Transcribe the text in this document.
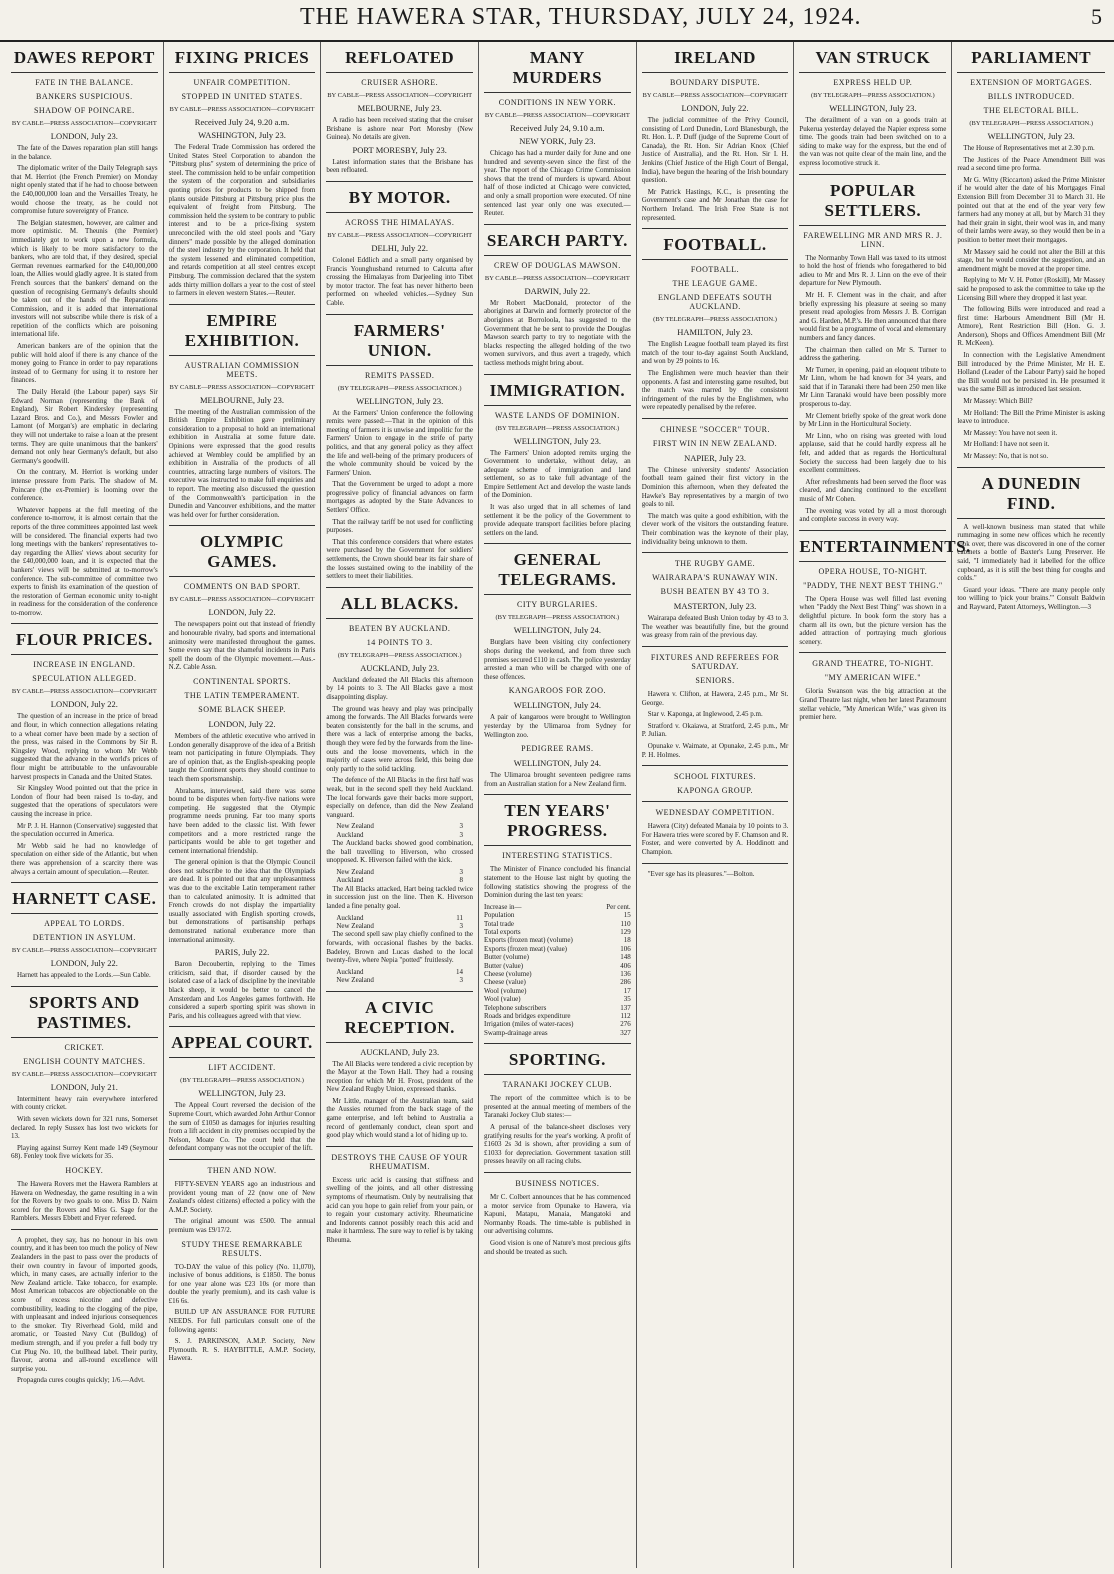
THE HAWERA STAR, THURSDAY, JULY 24, 1924.	5
DAWES REPORT
FATE IN THE BALANCE.
BANKERS SUSPICIOUS.
SHADOW OF POINCARE.
BY CABLE—PRESS ASSOCIATION—COPYRIGHT
LONDON, July 23.

The fate of the Dawes reparation plan still hangs in the balance.

The diplomatic writer of the Daily Telegraph says that M. Herriot (the French Premier) on Monday night openly stated that if he had to choose between the £40,000,000 loan and the Versailles Treaty, he would choose the treaty, as he could not compromise future sovereignty of France.

The Belgian statesmen, however, are calmer and more optimistic. M. Theunis (the Premier) immediately got to work upon a new formula, which is likely to be more satisfactory to the bankers, who are told that, if they desired, special German revenues earmarked for the £40,000,000 loan, the Allies would gladly agree. It is stated from French sources that the bankers' demand on the question of recognising Germany's defaults should be taken out of the hands of the Reparations Commission, and it is added that international investors will not subscribe while there is risk of a repetition of the conflicts which are poisoning international life.

American bankers are of the opinion that the public will hold aloof if there is any chance of the money going to France in order to pay reparations instead of to Germany for using it to restore her finances.

The Daily Herald (the Labour paper) says Sir Edward Norman (representing the Bank of England), Sir Robert Kindersley (representing Lazard Bros. and Co.), and Messrs Fowler and Lamont (of Morgan's) are emphatic in declaring they will not undertake to raise a loan at the present terms. They are quite unanimous that the bankers' demand not only hear Germany's default, but also Germany's goodwill.

On the contrary, M. Herriot is working under intense pressure from Paris. The shadow of M. Poincare (the ex-Premier) is looming over the conference.

Whatever happens at the full meeting of the conference to-morrow, it is almost certain that the reports of the three committees appointed last week will be considered. The financial experts had two long meetings with the bankers' representatives to-day regarding the Allies' views about security for the £40,000,000 loan, and it is expected that the bankers' views will be submitted at to-morrow's conference. The sub-committee of committee two experts to finish its examination of the question of the restoration of German economic unity to-night in readiness for the consideration of the conference to-morrow.

FLOUR PRICES.
INCREASE IN ENGLAND.
SPECULATION ALLEGED.
BY CABLE—PRESS ASSOCIATION—COPYRIGHT
LONDON, July 22.

The question of an increase in the price of bread and flour, in which connection allegations relating to a wheat corner have been made by a section of the press, was raised in the Commons by Sir R. Kingsley Wood, replying to whom Mr Webb suggested that the advance in the world's prices of flour might be attributable to the unfavourable harvest prospects in Canada and the United States.

Sir Kingsley Wood pointed out that the price in London of flour had been raised 1s to-day, and suggested that the operations of speculators were causing the increase in price.

Mr P. J. H. Hannon (Conservative) suggested that the speculation occurred in America.

Mr Webb said he had no knowledge of speculation on either side of the Atlantic, but when there was apprehension of a scarcity there was always a certain amount of speculation.—Reuter.

HARNETT CASE.
APPEAL TO LORDS.
DETENTION IN ASYLUM.
BY CABLE—PRESS ASSOCIATION—COPYRIGHT
LONDON, July 22.

Harnett has appealed to the Lords.—Sun Cable.

SPORTS AND PASTIMES.
CRICKET.
ENGLISH COUNTY MATCHES.
BY CABLE—PRESS ASSOCIATION—COPYRIGHT
LONDON, July 21.

Intermittent heavy rain everywhere interfered with county cricket.

With seven wickets down for 321 runs, Somerset declared. In reply Sussex has lost two wickets for 13.

Playing against Surrey Kent made 149 (Seymour 68). Fenley took five wickets for 35.

HOCKEY.

The Hawera Rovers met the Hawera Ramblers at Hawera on Wednesday, the game resulting in a win for the Rovers by two goals to one. Miss D. Nairn scored for the Rovers and Miss G. Sage for the Ramblers. Messrs Ebbett and Fryer refereed.

A prophet, they say, has no honour in his own country, and it has been too much the policy of New Zealanders in the past to pass over the products of their own country in favour of imported goods, which, in many cases, are actually inferior to the New Zealand article. Take tobacco, for example. Most American tobaccos are objectionable on the score of excess nicotine and defective combustibility, leading to the clogging of the pipe, with unpleasant and indeed injurious consequences to the smoker. Try Riverhead Gold, mild and aromatic, or Toasted Navy Cut (Bulldog) of medium strength, and if you prefer a full body try Cut Plug No. 10, the bullhead label. Their purity, flavour, aroma and all-round excellence will surprise you.

Propagnda cures coughs quickly; 1/6.—Advt.

FIXING PRICES
UNFAIR COMPETITION.
STOPPED IN UNITED STATES.
BY CABLE—PRESS ASSOCIATION—COPYRIGHT
Received July 24, 9.20 a.m.
WASHINGTON, July 23.

The Federal Trade Commission has ordered the United States Steel Corporation to abandon the "Pittsburg plus" system of determining the price of steel. The commission held to be unfair competition the system of the corporation and subsidiaries quoting prices for products to be shipped from plants outside Pittsburg at Pittsburg price plus the equivalent of freight from Pittsburg. The commission held the system to be contrary to public interest and to be a price-fixing system unreconciled with the old steel pools and "Gary dinners" made possible by the alleged domination of the steel industry by the corporation. It held that the system lessened and eliminated competition, and retards competition at all steel centres except Pittsburg. The commission declared that the system adds thirty million dollars a year to the cost of steel to farmers in eleven western States.—Reuter.

EMPIRE EXHIBITION.
AUSTRALIAN COMMISSION MEETS.
BY CABLE—PRESS ASSOCIATION—COPYRIGHT
MELBOURNE, July 23.

The meeting of the Australian commission of the British Empire Exhibition gave preliminary consideration to a proposal to hold an international exhibition in Australia at some future date. Opinions were expressed that the good results achieved at Wembley could be amplified by an exhibition in Australia of the products of all countries, attracting large numbers of visitors. The executive was instructed to make full enquiries and to report. The meeting also discussed the question of the Commonwealth's participation in the Dunedin and Vancouver exhibitions, and the matter was held over for further consideration.

OLYMPIC GAMES.
COMMENTS ON BAD SPORT.
BY CABLE—PRESS ASSOCIATION—COPYRIGHT
LONDON, July 22.

The newspapers point out that instead of friendly and honourable rivalry, bad sports and international animosity were manifested throughout the games. Some even say that the shameful incidents in Paris spell the doom of the Olympic movement.—Aus.-N.Z. Cable Assn.

CONTINENTAL SPORTS.
THE LATIN TEMPERAMENT.
SOME BLACK SHEEP.
LONDON, July 22.

Members of the athletic executive who arrived in London generally disapprove of the idea of a British team not participating in future Olympiads. They are of opinion that, as the English-speaking people taught the Continent sports they should continue to teach them sportsmanship.

Abrahams, interviewed, said there was some bound to be disputes when forty-five nations were competing. He suggested that the Olympic programme needs pruning. Far too many sports have been added to the classic list. With fewer competitors and a more restricted range the participants would be able to get together and cement international friendship.

The general opinion is that the Olympic Council does not subscribe to the idea that the Olympiads are dead. It is pointed out that any unpleasantness was due to the excitable Latin temperament rather than to calculated animosity. It is admitted that French crowds do not display the impartiality usually associated with English sporting crowds, but demonstrations of partisanship perhaps demonstrated national exuberance more than international animosity.

PARIS, July 22.

Baron Decoubertin, replying to the Times criticism, said that, if disorder caused by the isolated case of a lack of discipline by the inevitable black sheep, it would be better to cancel the Amsterdam and Los Angeles games forthwith. He considered a superb sporting spirit was shown in Paris, and his colleagues agreed with that view.

APPEAL COURT.
LIFT ACCIDENT.
(BY TELEGRAPH—PRESS ASSOCIATION.)
WELLINGTON, July 23.

The Appeal Court reversed the decision of the Supreme Court, which awarded John Arthur Connor the sum of £1050 as damages for injuries resulting from a lift accident in city premises occupied by the Nelson, Moate Co. The court held that the defendant company was not the occupier of the lift.

THEN AND NOW.

FIFTY-SEVEN YEARS ago an industrious and provident young man of 22 (now one of New Zealand's oldest citizens) effected a policy with the A.M.P. Society.

The original amount was £500. The annual premium was £9/17/2.

STUDY THESE REMARKABLE RESULTS.

TO-DAY the value of this policy (No. 11,070), inclusive of bonus additions, is £1850. The bonus for one year alone was £23 10s (or more than double the yearly premium), and its cash value is £16 6s.

BUILD UP AN ASSURANCE FOR FUTURE NEEDS. For full particulars consult one of the following agents:

S. J. PARKINSON, A.M.P. Society, New Plymouth. R. S. HAYBITTLE, A.M.P. Society, Hawera.

REFLOATED
CRUISER ASHORE.
BY CABLE—PRESS ASSOCIATION—COPYRIGHT
MELBOURNE, July 23.

A radio has been received stating that the cruiser Brisbane is ashore near Port Moresby (New Guinea). No details are given.

PORT MORESBY, July 23.

Latest information states that the Brisbane has been refloated.

BY MOTOR.
ACROSS THE HIMALAYAS.
BY CABLE—PRESS ASSOCIATION—COPYRIGHT
DELHI, July 22.

Colonel Eddlich and a small party organised by Francis Younghusband returned to Calcutta after crossing the Himalayas from Darjeeling into Tibet by motor tractor. The feat has never hitherto been performed on wheeled vehicles.—Sydney Sun Cable.

FARMERS' UNION.
REMITS PASSED.
(BY TELEGRAPH—PRESS ASSOCIATION.)
WELLINGTON, July 23.

At the Farmers' Union conference the following remits were passed:—That in the opinion of this meeting of farmers it is unwise and impolitic for the Farmers' Union to engage in the strife of party politics, and that any general policy as they affect the life and well-being of the primary producers of the whole community should be voiced by the Farmers' Union.

That the Government be urged to adopt a more progressive policy of financial advances on farm mortgages as adopted by the State Advances to Settlers' Office.

That the railway tariff be not used for conflicting purposes.

That this conference considers that where estates were purchased by the Government for soldiers' settlements, the Crown should bear its fair share of the losses sustained owing to the inability of the settlers to meet their liabilities.

ALL BLACKS.
BEATEN BY AUCKLAND.
14 POINTS TO 3.
(BY TELEGRAPH—PRESS ASSOCIATION.)
AUCKLAND, July 23.

Auckland defeated the All Blacks this afternoon by 14 points to 3. The All Blacks gave a most disappointing display.

The ground was heavy and play was principally among the forwards. The All Blacks forwards were beaten consistently for the ball in the scrums, and there was a lack of enterprise among the backs, though they were fed by the forwards from the line-outs and the loose movements, which in the majority of cases were across field, this being due only partly to the solid tackling.

The defence of the All Blacks in the first half was weak, but in the second spell they held Auckland. The local forwards gave their backs more support, especially on defence, than did the New Zealand vanguard.

New Zealand	3
Auckland	3

The Auckland backs showed good combination, the ball travelling to Hiverson, who crossed unopposed. K. Hiverson failed with the kick.

New Zealand	3
Auckland	8

The All Blacks attacked, Hart being tackled twice in succession just on the line. Then K. Hiverson landed a fine penalty goal.

Auckland	11
New Zealand	3

The second spell saw play chiefly confined to the forwards, with occasional flashes by the backs. Badeley, Brown and Lucas dashed to the local twenty-five, where Nepia "potted" fruitlessly.

Auckland	14
New Zealand	3
A CIVIC RECEPTION.
AUCKLAND, July 23.

The All Blacks were tendered a civic reception by the Mayor at the Town Hall. They had a rousing reception for which Mr H. Frost, president of the New Zealand Rugby Union, expressed thanks.

Mr Little, manager of the Australian team, said the Aussies returned from the back stage of the game enterprise, and left behind to Australia a record of gentlemanly conduct, clean sport and good play which would stand a lot of hiding up to.

DESTROYS THE CAUSE OF YOUR RHEUMATISM.

Excess uric acid is causing that stiffness and swelling of the joints, and all other distressing symptoms of rheumatism. Only by neutralising that acid can you hope to gain relief from your pain, or to regain your customary activity. Rheumaticine and Indorents cannot possibly reach this acid and make it harmless. The sure way to relief is by taking Rheuma.

MANY MURDERS
CONDITIONS IN NEW YORK.
BY CABLE—PRESS ASSOCIATION—COPYRIGHT
Received July 24, 9.10 a.m.
NEW YORK, July 23.

Chicago has had a murder daily for June and one hundred and seventy-seven since the first of the year. The report of the Chicago Crime Commission shows that the trend of murders is upward. About half of those indicted at Chicago were convicted, and only a small proportion were executed. Of nine sentenced last year only one was executed.—Reuter.

SEARCH PARTY.
CREW OF DOUGLAS MAWSON.
BY CABLE—PRESS ASSOCIATION—COPYRIGHT
DARWIN, July 22.

Mr Robert MacDonald, protector of the aborigines at Darwin and formerly protector of the aborigines at Borroloola, has suggested to the Government that he be sent to provide the Douglas Mawson search party to try to negotiate with the blacks respecting the alleged holding of the two women survivors, and thus avert a tragedy, which tactless methods might bring about.

IMMIGRATION.
WASTE LANDS OF DOMINION.
(BY TELEGRAPH—PRESS ASSOCIATION.)
WELLINGTON, July 23.

The Farmers' Union adopted remits urging the Government to undertake, without delay, an adequate scheme of immigration and land settlement, so as to take full advantage of the Empire Settlement Act and develop the waste lands of the Dominion.

It was also urged that in all schemes of land settlement it be the policy of the Government to provide adequate transport facilities before placing settlers on the land.

GENERAL TELEGRAMS.
CITY BURGLARIES.
(BY TELEGRAPH—PRESS ASSOCIATION.)
WELLINGTON, July 24.

Burglars have been visiting city confectionery shops during the weekend, and from three such premises secured £110 in cash. The police yesterday arrested a man who will be charged with one of these offences.

KANGAROOS FOR ZOO.
WELLINGTON, July 24.

A pair of kangaroos were brought to Wellington yesterday by the Ulimaroa from Sydney for Wellington zoo.

PEDIGREE RAMS.
WELLINGTON, July 24.

The Ulimaroa brought seventeen pedigree rams from an Australian station for a New Zealand firm.

TEN YEARS' PROGRESS.
INTERESTING STATISTICS.

The Minister of Finance concluded his financial statement to the House last night by quoting the following statistics showing the progress of the Dominion during the last ten years:

Increase in—	Per cent.
Population	15
Total trade	110
Total exports	129
Exports (frozen meat) (volume)	18
Exports (frozen meat) (value)	106
Butter (volume)	148
Butter (value)	406
Cheese (volume)	136
Cheese (value)	286
Wool (volume)	17
Wool (value)	35
Telephone subscribers	137
Roads and bridges expenditure	112
Irrigation (miles of water-races)	276
Swamp-drainage areas	327
SPORTING.
TARANAKI JOCKEY CLUB.

The report of the committee which is to be presented at the annual meeting of members of the Taranaki Jockey Club states:—

A perusal of the balance-sheet discloses very gratifying results for the year's working. A profit of £1603 2s 3d is shown, after providing a sum of £1033 for depreciation. Government taxation still presses heavily on all racing clubs.

BUSINESS NOTICES.

Mr C. Colbert announces that he has commenced a motor service from Opunake to Hawera, via Kapuni, Matapu, Manaia, Mangatoki and Normanby Roads. The time-table is published in our advertising columns.

Good vision is one of Nature's most precious gifts and should be treated as such.

IRELAND
BOUNDARY DISPUTE.
BY CABLE—PRESS ASSOCIATION—COPYRIGHT
LONDON, July 22.

The judicial committee of the Privy Council, consisting of Lord Dunedin, Lord Blanesburgh, the Rt. Hon. L. P. Duff (judge of the Supreme Court of Canada), the Rt. Hon. Sir Adrian Knox (Chief Justice of Australia), and the Rt. Hon. Sir I. H. Jenkins (Chief Justice of the High Court of Bengal, India), have begun the hearing of the Irish boundary question.

Mr Patrick Hastings, K.C., is presenting the Government's case and Mr Jonathan the case for Northern Ireland. The Irish Free State is not represented.

FOOTBALL.
FOOTBALL.
THE LEAGUE GAME.
ENGLAND DEFEATS SOUTH AUCKLAND.
(BY TELEGRAPH—PRESS ASSOCIATION.)
HAMILTON, July 23.

The English League football team played its first match of the tour to-day against South Auckland, and won by 29 points to 16.

The Englishmen were much heavier than their opponents. A fast and interesting game resulted, but the match was marred by the consistent infringement of the rules by the Englishmen, who were repeatedly penalised by the referee.

CHINESE "SOCCER" TOUR.
FIRST WIN IN NEW ZEALAND.
NAPIER, July 23.

The Chinese university students' Association football team gained their first victory in the Dominion this afternoon, when they defeated the Hawke's Bay representatives by a margin of two goals to nil.

The match was quite a good exhibition, with the clever work of the visitors the outstanding feature. Their combination was the keynote of their play, individuality being unknown to them.

THE RUGBY GAME.
WAIRARAPA'S RUNAWAY WIN.
BUSH BEATEN BY 43 TO 3.
MASTERTON, July 23.

Wairarapa defeated Bush Union today by 43 to 3. The weather was beautifully fine, but the ground was greasy from rain of the previous day.

FIXTURES AND REFEREES FOR SATURDAY.
SENIORS.

Hawera v. Clifton, at Hawera, 2.45 p.m., Mr St. George.

Star v. Kaponga, at Inglewood, 2.45 p.m.

Stratford v. Okaiawa, at Stratford, 2.45 p.m., Mr P. Julian.

Opunake v. Waimate, at Opunake, 2.45 p.m., Mr P. H. Holmes.

SCHOOL FIXTURES.
KAPONGA GROUP.
WEDNESDAY COMPETITION.

Hawera (City) defeated Manaia by 10 points to 3. For Hawera tries were scored by F. Chamson and R. Foster, and were converted by A. Hoddinott and Champion.

"Ever sge has its pleasures."—Bolton.

VAN STRUCK
EXPRESS HELD UP.
(BY TELEGRAPH—PRESS ASSOCIATION.)
WELLINGTON, July 23.

The derailment of a van on a goods train at Pukerua yesterday delayed the Napier express some time. The goods train had been switched on to a siding to make way for the express, but the end of the van was not quite clear of the main line, and the express locomotive struck it.

POPULAR SETTLERS.
FAREWELLING MR AND MRS R. J. LINN.

The Normanby Town Hall was taxed to its utmost to hold the host of friends who foregathered to bid adieu to Mr and Mrs R. J. Linn on the eve of their departure for New Plymouth.

Mr H. F. Clement was in the chair, and after briefly expressing his pleasure at seeing so many present read apologies from Messrs J. B. Corrigan and G. Harden, M.P.'s. He then announced that there would first be a programme of vocal and elementary numbers and fancy dances.

The chairman then called on Mr S. Turner to address the gathering.

Mr Turner, in opening, paid an eloquent tribute to Mr Linn, whom he had known for 34 years, and said that if in Taranaki there had been 250 men like Mr Linn Taranaki would have been possibly more prosperous to-day.

Mr Clement briefly spoke of the great work done by Mr Linn in the Horticultural Society.

Mr Linn, who on rising was greeted with loud applause, said that he could hardly express all he felt, and added that as regards the Horticultural Society the success had been largely due to his excellent committees.

After refreshments had been served the floor was cleared, and dancing continued to the excellent music of Mr Cohen.

The evening was voted by all a most thorough and complete success in every way.

ENTERTAINMENTS.
OPERA HOUSE, TO-NIGHT.
"PADDY, THE NEXT BEST THING."

The Opera House was well filled last evening when "Paddy the Next Best Thing" was shown in a delightful picture. In book form the story has a charm all its own, but the picture version has the added attraction of portraying much glorious scenery.

GRAND THEATRE, TO-NIGHT.
"MY AMERICAN WIFE."

Gloria Swanson was the big attraction at the Grand Theatre last night, when her latest Paramount stellar vehicle, "My American Wife," was given its premier here.

PARLIAMENT
EXTENSION OF MORTGAGES.
BILLS INTRODUCED.
THE ELECTORAL BILL.
(BY TELEGRAPH—PRESS ASSOCIATION.)
WELLINGTON, July 23.

The House of Representatives met at 2.30 p.m.

The Justices of the Peace Amendment Bill was read a second time pro forma.

Mr G. Witty (Riccarton) asked the Prime Minister if he would alter the date of his Mortgages Final Extension Bill from December 31 to March 31. He pointed out that at the end of the year very few farmers had any money at all, but by March 31 they had their grain in sight, their wool was in, and many of their lambs were away, so they would then be in a position to better meet their mortgages.

Mr Massey said he could not alter the Bill at this stage, but he would consider the suggestion, and an amendment might be moved at the proper time.

Replying to Mr V. H. Potter (Roskill), Mr Massey said he proposed to ask the committee to take up the Licensing Bill where they dropped it last year.

The following Bills were introduced and read a first time: Harbours Amendment Bill (Mr H. Atmore), Rent Restriction Bill (Hon. G. J. Anderson), Shops and Offices Amendment Bill (Mr R. McKeen).

In connection with the Legislative Amendment Bill introduced by the Prime Minister, Mr H. E. Holland (Leader of the Labour Party) said he hoped the Bill would not be persisted in. He presumed it was the same Bill as introduced last session.

Mr Massey: Which Bill?

Mr Holland: The Bill the Prime Minister is asking leave to introduce.

Mr Massey: You have not seen it.

Mr Holland: I have not seen it.

Mr Massey: No, that is not so.

A DUNEDIN FIND.

A well-known business man stated that while rummaging in some new offices which he recently took over, there was discovered in one of the corner cabinets a bottle of Baxter's Lung Preserver. He said, "I immediately had it labelled for the office cupboard, as it is still the best thing for coughs and colds."

Guard your ideas. "There are many people only too willing to 'pick your brains.'" Consult Baldwin and Rayward, Patent Attorneys, Wellington.—3
